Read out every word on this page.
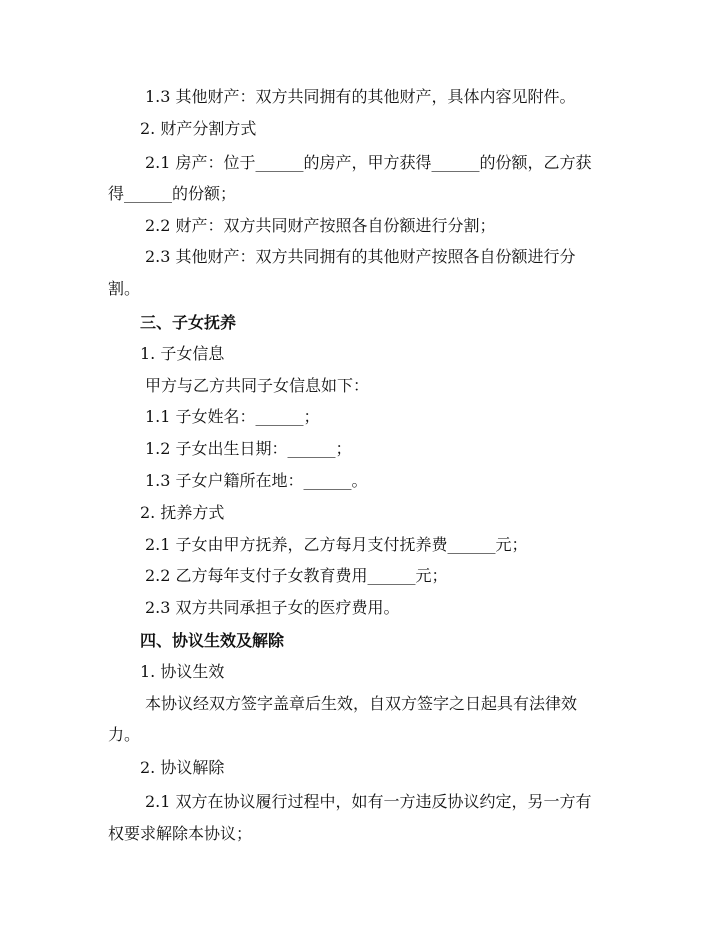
1.3 其他财产：双方共同拥有的其他财产，具体内容见附件。
2. 财产分割方式
2.1 房产：位于______的房产，甲方获得______的份额，乙方获
得______的份额；
2.2 财产：双方共同财产按照各自份额进行分割；
2.3 其他财产：双方共同拥有的其他财产按照各自份额进行分
割。
三、子女抚养
1. 子女信息
甲方与乙方共同子女信息如下：
1.1 子女姓名：______；
1.2 子女出生日期：______；
1.3 子女户籍所在地：______。
2. 抚养方式
2.1 子女由甲方抚养，乙方每月支付抚养费______元；
2.2 乙方每年支付子女教育费用______元；
2.3 双方共同承担子女的医疗费用。
四、协议生效及解除
1. 协议生效
本协议经双方签字盖章后生效，自双方签字之日起具有法律效
力。
2. 协议解除
2.1 双方在协议履行过程中，如有一方违反协议约定，另一方有
权要求解除本协议；
